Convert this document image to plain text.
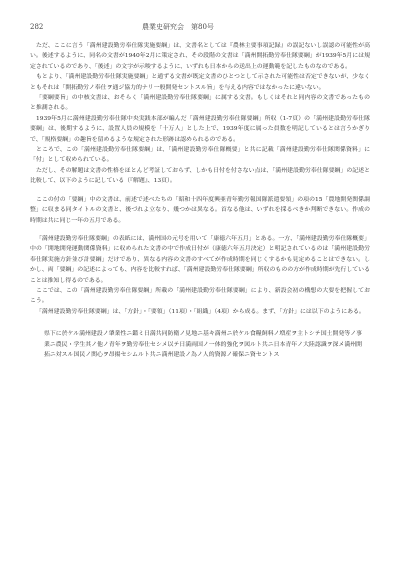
282	農業史研究会　第80号

ただ、ここに言う「満州建設勤労奉仕隊実施要綱」は、文書名としては『農林主要事項記録』の誤記ないし誤認の可能性が高い。後述するように、同名の文書が1940年2月に策定され、その段階の文書は「満州開拓勤労奉仕隊要綱」が1939年5月には規定されているのであり、「後述」の文字が示唆するように、いずれも日本からの送出上の運動範を記したものなのである。

もとより、「満州建設勤労奉仕隊実施要綱」と通ずる文書が既定文書のひとつとして示された可能性は否定できないが、少なくともそれは「開拓勤労ノ奉仕ヲ通ジ協力的ナリ一般開発セントスル旨」を与える内容ではなかったに違いない。

「要綱要旨」の中核文書は、おそらく「満州建設勤労奉仕隊要綱」に属する文書。もしくはそれと同内容の文書であったものと推測される。

1939年5月に満州建設勤労奉仕隊中央実践本部が編んだ「満州建設勤労奉仕隊要綱」所収（1-7頁）の「満州建設勤労奉仕隊要綱」は、後期するように、設置人員の規模を「十万人」とした上で、1939年度に属った員数を明記しているとは言うかぎりで、「規格要綱」の趣旨を留めるような規定された形跡は認められるのである。

ところで、この「満州建設勤労奉仕隊要綱」は、「満州建設勤労奉仕隊概要」と共に記載「満州建設勤労奉仕隊関係資料」に「付」として収められている。

ただし、その解題は文書の性格をほとんど考証しておらず、しかも日付を付さない点は、「満州建設勤労奉仕隊要綱」の記述と比較して、以下のように記している（『解題』、13頁）。

ここの付の「要綱」中の文書は、前述で述べたちの「昭和十四年度興亜青年勤労報国隊派遣要領」の項の15「農地開発関係調整」に収まる同タイトルの文書と、後づれよ立なり、幾つかは異なる。首なる他は、いずれを採るべきか判断できない。作成の時期は共に同じ一年の五月である。

「満州建設勤労奉仕隊要綱」の表紙には、満州国の元号を用いて「康徳六年五月」とある。一方、「満州建設勤労奉仕隊概要」中の「開地開発運動関係資料」に収められた文書の中で作成日付が（康徳六年五月決定）と明記されているのは「満州建設勤労奉仕隊実施方針並び計要綱」だけであり、異なる内容の文書のすべてが作成時期を同じくするかも見定めることはできない。しかし、両「要綱」の記述によっても、内容を比較すれば、「満州建設勤労奉仕隊要綱」所収のものの方が作成時期が先行していることは推知し得るのである。

ここでは、この「満州建設勤労奉仕隊要綱」所載の「満州建設勤労奉仕隊要綱」により、新設会初の構想の大要を把握しておこう。

「満州建設勤労奉仕隊要綱」は、「方針」・「要領」（11項）・「組織」（4項）から成る。まず、「方針」には以下のようにある。

県下に於ケル満州建設ノ肇業性ニ鑑ミ日満共同防衛ノ見地ニ基キ満州ニ於ケル食糧飼料ノ増産ヲ主トシテ国土開発等ノ事業ニ農民・学生其ノ他ノ青年ヲ勤労奉仕セシメ以テ日満両国ノ一体的強化ヲ図ルト共ニ日本青年ノ大陸認識ヲ深メ満州開拓ニ対スル国民ノ関心ヲ昂揚セシムルト共ニ満州建設ノ為ノ人的資源ノ確保ニ資セントス
